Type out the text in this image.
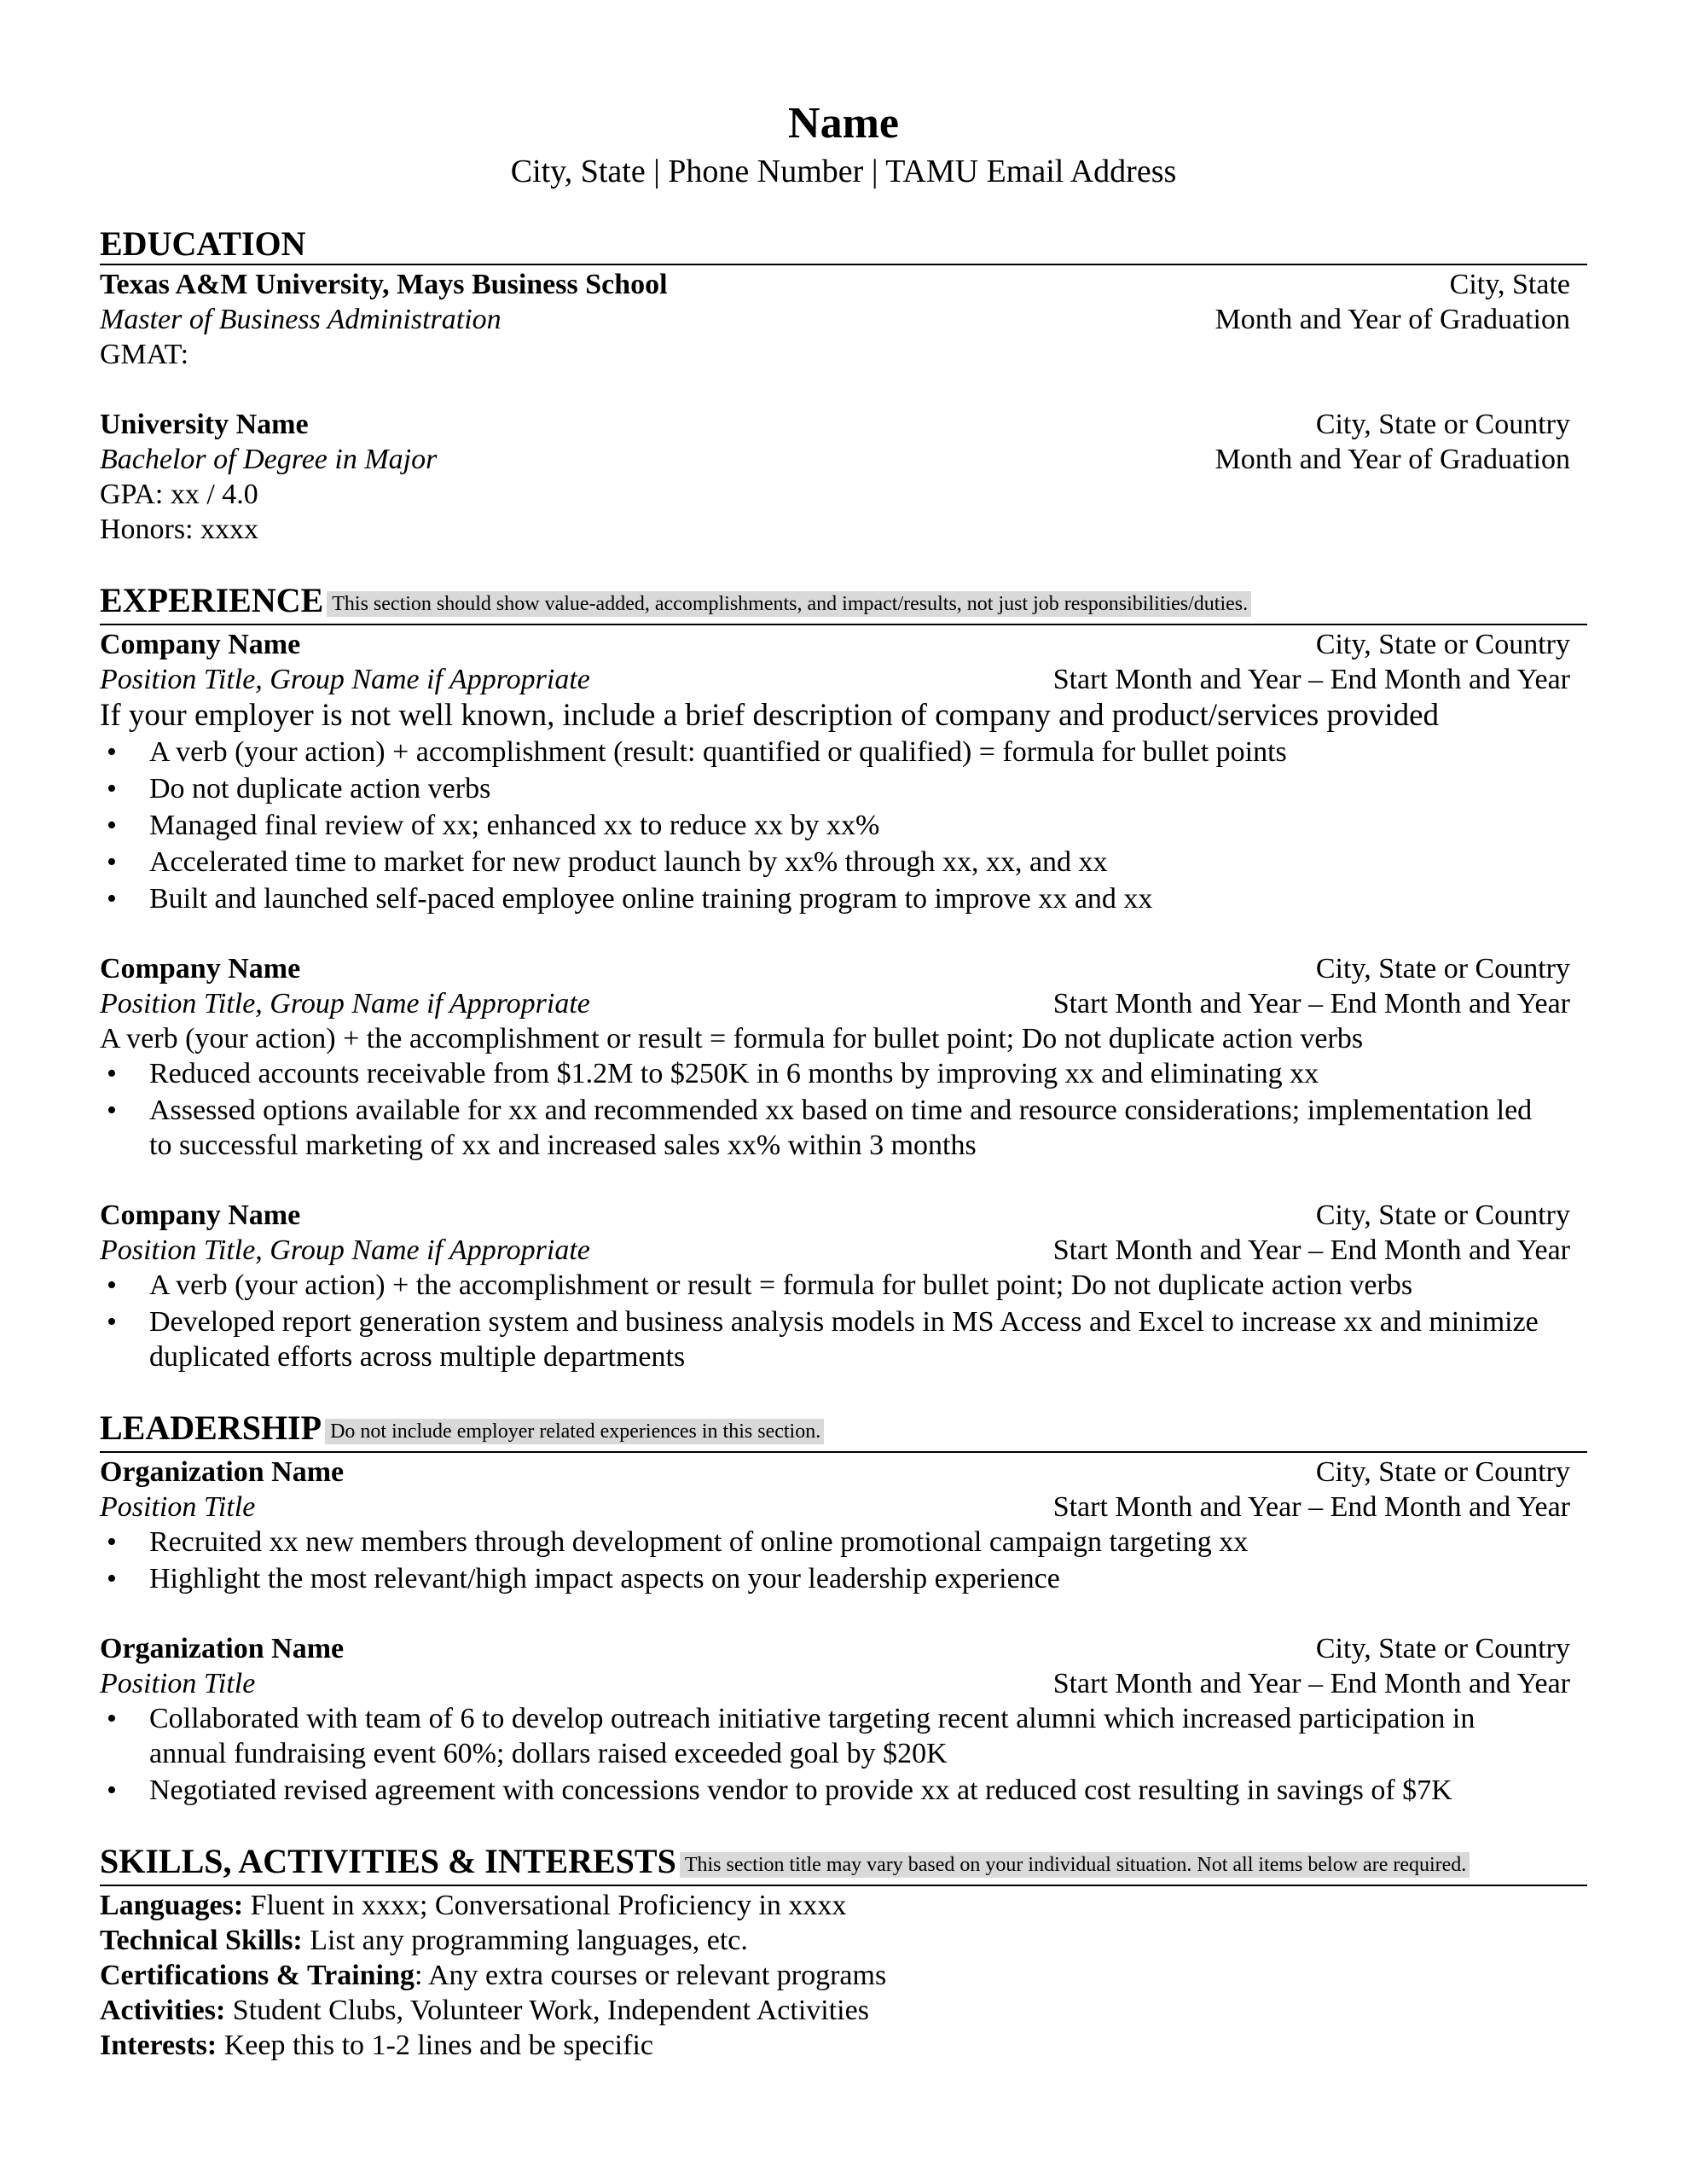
Name
City, State | Phone Number | TAMU Email Address
EDUCATION
Texas A&M University, Mays Business School	City, State
Master of Business Administration	Month and Year of Graduation
GMAT:
University Name	City, State or Country
Bachelor of Degree in Major	Month and Year of Graduation
GPA: xx / 4.0
Honors: xxxx
EXPERIENCE This section should show value-added, accomplishments, and impact/results, not just job responsibilities/duties.
Company Name	City, State or Country
Position Title, Group Name if Appropriate	Start Month and Year – End Month and Year
If your employer is not well known, include a brief description of company and product/services provided
• A verb (your action) + accomplishment (result: quantified or qualified) = formula for bullet points
• Do not duplicate action verbs
• Managed final review of xx; enhanced xx to reduce xx by xx%
• Accelerated time to market for new product launch by xx% through xx, xx, and xx
• Built and launched self-paced employee online training program to improve xx and xx
Company Name	City, State or Country
Position Title, Group Name if Appropriate	Start Month and Year – End Month and Year
A verb (your action) + the accomplishment or result = formula for bullet point; Do not duplicate action verbs
• Reduced accounts receivable from $1.2M to $250K in 6 months by improving xx and eliminating xx
• Assessed options available for xx and recommended xx based on time and resource considerations; implementation led to successful marketing of xx and increased sales xx% within 3 months
Company Name	City, State or Country
Position Title, Group Name if Appropriate	Start Month and Year – End Month and Year
• A verb (your action) + the accomplishment or result = formula for bullet point; Do not duplicate action verbs
• Developed report generation system and business analysis models in MS Access and Excel to increase xx and minimize duplicated efforts across multiple departments
LEADERSHIP Do not include employer related experiences in this section.
Organization Name	City, State or Country
Position Title	Start Month and Year – End Month and Year
• Recruited xx new members through development of online promotional campaign targeting xx
• Highlight the most relevant/high impact aspects on your leadership experience
Organization Name	City, State or Country
Position Title	Start Month and Year – End Month and Year
• Collaborated with team of 6 to develop outreach initiative targeting recent alumni which increased participation in annual fundraising event 60%; dollars raised exceeded goal by $20K
• Negotiated revised agreement with concessions vendor to provide xx at reduced cost resulting in savings of $7K
SKILLS, ACTIVITIES & INTERESTS This section title may vary based on your individual situation. Not all items below are required.
Languages: Fluent in xxxx; Conversational Proficiency in xxxx
Technical Skills: List any programming languages, etc.
Certifications & Training: Any extra courses or relevant programs
Activities: Student Clubs, Volunteer Work, Independent Activities
Interests: Keep this to 1-2 lines and be specific
